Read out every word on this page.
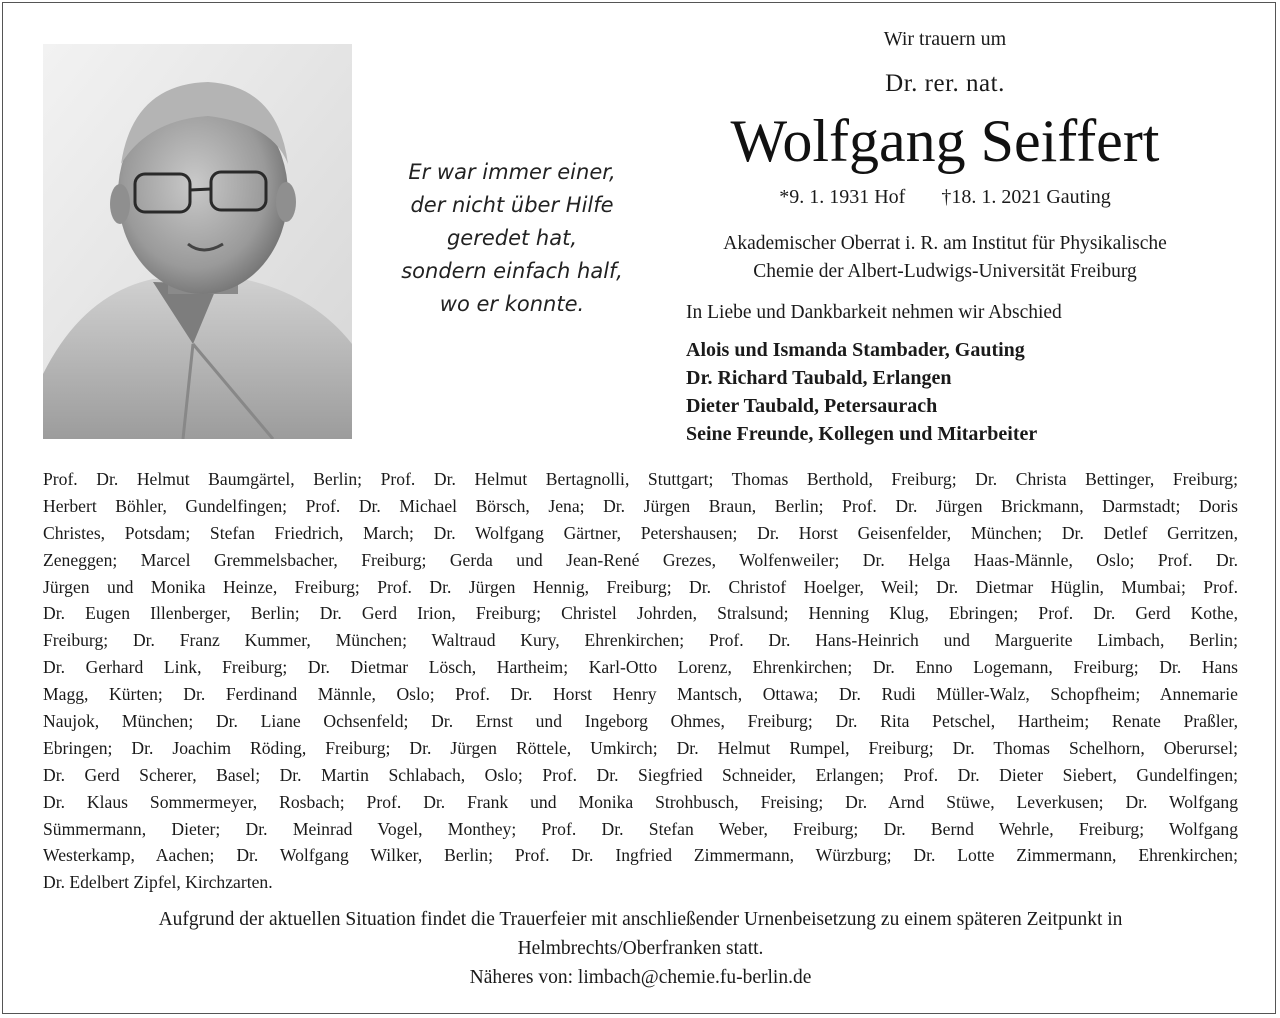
Er war immer einer,
der nicht über Hilfe
geredet hat,
sondern einfach half,
wo er konnte.
Wir trauern um
Dr. rer. nat.
Wolfgang Seiffert
*9. 1. 1931 Hof †18. 1. 2021 Gauting
Akademischer Oberrat i. R. am Institut für Physikalische
Chemie der Albert-Ludwigs-Universität Freiburg
In Liebe und Dankbarkeit nehmen wir Abschied
Alois und Ismanda Stambader, Gauting
Dr. Richard Taubald, Erlangen
Dieter Taubald, Petersaurach
Seine Freunde, Kollegen und Mitarbeiter
Prof. Dr. Helmut Baumgärtel, Berlin; Prof. Dr. Helmut Bertagnolli, Stuttgart; Thomas Berthold, Freiburg; Dr. Christa Bettinger, Freiburg;
Herbert Böhler, Gundelfingen; Prof. Dr. Michael Börsch, Jena; Dr. Jürgen Braun, Berlin; Prof. Dr. Jürgen Brickmann, Darmstadt; Doris
Christes, Potsdam; Stefan Friedrich, March; Dr. Wolfgang Gärtner, Petershausen; Dr. Horst Geisenfelder, München; Dr. Detlef Gerritzen,
Zeneggen; Marcel Gremmelsbacher, Freiburg; Gerda und Jean-René Grezes, Wolfenweiler; Dr. Helga Haas-Männle, Oslo; Prof. Dr.
Jürgen und Monika Heinze, Freiburg; Prof. Dr. Jürgen Hennig, Freiburg; Dr. Christof Hoelger, Weil; Dr. Dietmar Hüglin, Mumbai; Prof.
Dr. Eugen Illenberger, Berlin; Dr. Gerd Irion, Freiburg; Christel Johrden, Stralsund; Henning Klug, Ebringen; Prof. Dr. Gerd Kothe,
Freiburg; Dr. Franz Kummer, München; Waltraud Kury, Ehrenkirchen; Prof. Dr. Hans-Heinrich und Marguerite Limbach, Berlin;
Dr. Gerhard Link, Freiburg; Dr. Dietmar Lösch, Hartheim; Karl-Otto Lorenz, Ehrenkirchen; Dr. Enno Logemann, Freiburg; Dr. Hans
Magg, Kürten; Dr. Ferdinand Männle, Oslo; Prof. Dr. Horst Henry Mantsch, Ottawa; Dr. Rudi Müller-Walz, Schopfheim; Annemarie
Naujok, München; Dr. Liane Ochsenfeld; Dr. Ernst und Ingeborg Ohmes, Freiburg; Dr. Rita Petschel, Hartheim; Renate Praßler,
Ebringen; Dr. Joachim Röding, Freiburg; Dr. Jürgen Röttele, Umkirch; Dr. Helmut Rumpel, Freiburg; Dr. Thomas Schelhorn, Oberursel;
Dr. Gerd Scherer, Basel; Dr. Martin Schlabach, Oslo; Prof. Dr. Siegfried Schneider, Erlangen; Prof. Dr. Dieter Siebert, Gundelfingen;
Dr. Klaus Sommermeyer, Rosbach; Prof. Dr. Frank und Monika Strohbusch, Freising; Dr. Arnd Stüwe, Leverkusen; Dr. Wolfgang
Sümmermann, Dieter; Dr. Meinrad Vogel, Monthey; Prof. Dr. Stefan Weber, Freiburg; Dr. Bernd Wehrle, Freiburg; Wolfgang
Westerkamp, Aachen; Dr. Wolfgang Wilker, Berlin; Prof. Dr. Ingfried Zimmermann, Würzburg; Dr. Lotte Zimmermann, Ehrenkirchen;
Dr. Edelbert Zipfel, Kirchzarten.
Aufgrund der aktuellen Situation findet die Trauerfeier mit anschließender Urnenbeisetzung zu einem späteren Zeitpunkt in
Helmbrechts/Oberfranken statt.
Näheres von: limbach@chemie.fu-berlin.de
